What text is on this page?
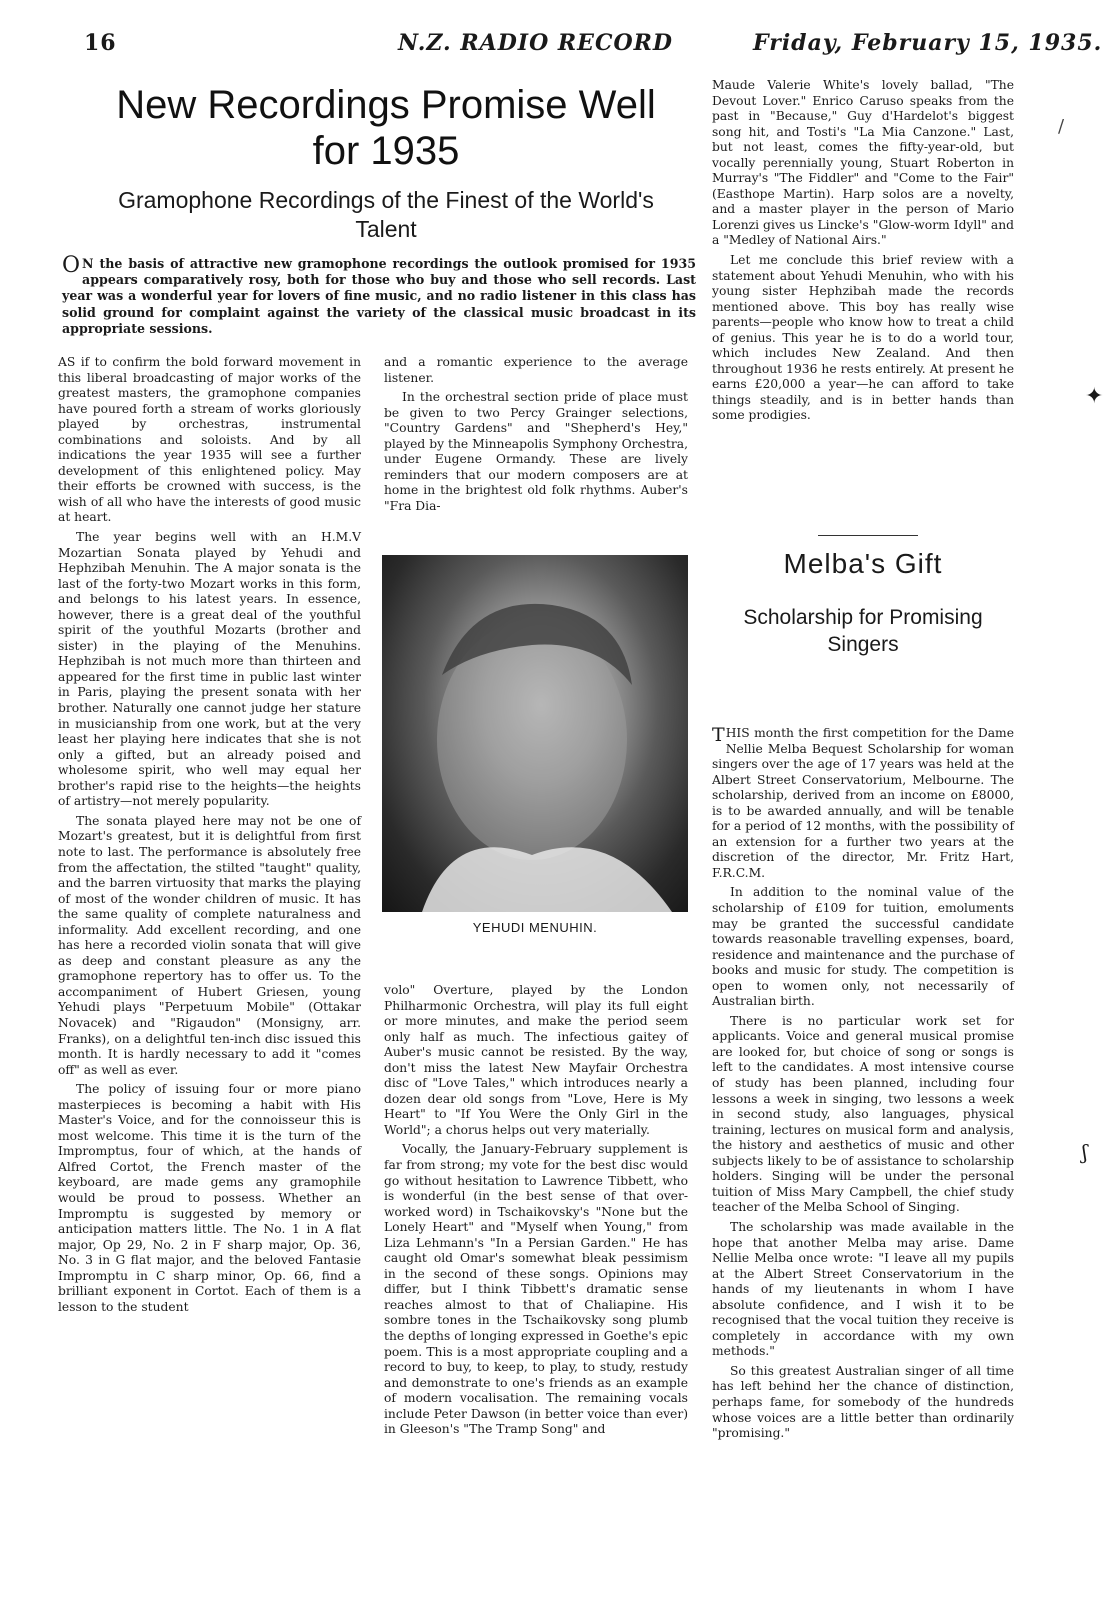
16	N.Z. RADIO RECORD	Friday, February 15, 1935.
New Recordings Promise Well for 1935
Gramophone Recordings of the Finest of the World's Talent

O N the basis of attractive new gramophone recordings the outlook promised for 1935 appears comparatively rosy, both for those who buy and those who sell records. Last year was a wonderful year for lovers of fine music, and no radio listener in this class has solid ground for complaint against the variety of the classical music broadcast in its appropriate sessions.

AS if to confirm the bold forward movement in this liberal broadcasting of major works of the greatest masters, the gramophone companies have poured forth a stream of works gloriously played by orchestras, instrumental combinations and soloists. And by all indications the year 1935 will see a further development of this enlightened policy. May their efforts be crowned with success, is the wish of all who have the interests of good music at heart.

The year begins well with an H.M.V Mozartian Sonata played by Yehudi and Hephzibah Menuhin. The A major sonata is the last of the forty-two Mozart works in this form, and belongs to his latest years. In essence, however, there is a great deal of the youthful spirit of the youthful Mozarts (brother and sister) in the playing of the Menuhins. Hephzibah is not much more than thirteen and appeared for the first time in public last winter in Paris, playing the present sonata with her brother. Naturally one cannot judge her stature in musicianship from one work, but at the very least her playing here indicates that she is not only a gifted, but an already poised and wholesome spirit, who well may equal her brother's rapid rise to the heights—the heights of artistry—not merely popularity.

The sonata played here may not be one of Mozart's greatest, but it is delightful from first note to last. The performance is absolutely free from the affectation, the stilted "taught" quality, and the barren virtuosity that marks the playing of most of the wonder children of music. It has the same quality of complete naturalness and informality. Add excellent recording, and one has here a recorded violin sonata that will give as deep and constant pleasure as any the gramophone repertory has to offer us. To the accompaniment of Hubert Griesen, young Yehudi plays "Perpetuum Mobile" (Ottakar Novacek) and "Rigaudon" (Monsigny, arr. Franks), on a delightful ten-inch disc issued this month. It is hardly necessary to add it "comes off" as well as ever.

The policy of issuing four or more piano masterpieces is becoming a habit with His Master's Voice, and for the connoisseur this is most welcome. This time it is the turn of the Impromptus, four of which, at the hands of Alfred Cortot, the French master of the keyboard, are made gems any gramophile would be proud to possess. Whether an Impromptu is suggested by memory or anticipation matters little. The No. 1 in A flat major, Op 29, No. 2 in F sharp major, Op. 36, No. 3 in G flat major, and the beloved Fantasie Impromptu in C sharp minor, Op. 66, find a brilliant exponent in Cortot. Each of them is a lesson to the student

and a romantic experience to the average listener.

In the orchestral section pride of place must be given to two Percy Grainger selections, "Country Gardens" and "Shepherd's Hey," played by the Minneapolis Symphony Orchestra, under Eugene Ormandy. These are lively reminders that our modern composers are at home in the brightest old folk rhythms. Auber's "Fra Dia-

YEHUDI MENUHIN.

volo" Overture, played by the London Philharmonic Orchestra, will play its full eight or more minutes, and make the period seem only half as much. The infectious gaitey of Auber's music cannot be resisted. By the way, don't miss the latest New Mayfair Orchestra disc of "Love Tales," which introduces nearly a dozen dear old songs from "Love, Here is My Heart" to "If You Were the Only Girl in the World"; a chorus helps out very materially.

Vocally, the January-February supplement is far from strong; my vote for the best disc would go without hesitation to Lawrence Tibbett, who is wonderful (in the best sense of that over-worked word) in Tschaikovsky's "None but the Lonely Heart" and "Myself when Young," from Liza Lehmann's "In a Persian Garden." He has caught old Omar's somewhat bleak pessimism in the second of these songs. Opinions may differ, but I think Tibbett's dramatic sense reaches almost to that of Chaliapine. His sombre tones in the Tschaikovsky song plumb the depths of longing expressed in Goethe's epic poem. This is a most appropriate coupling and a record to buy, to keep, to play, to study, restudy and demonstrate to one's friends as an example of modern vocalisation. The remaining vocals include Peter Dawson (in better voice than ever) in Gleeson's "The Tramp Song" and

Maude Valerie White's lovely ballad, "The Devout Lover." Enrico Caruso speaks from the past in "Because," Guy d'Hardelot's biggest song hit, and Tosti's "La Mia Canzone." Last, but not least, comes the fifty-year-old, but vocally perennially young, Stuart Roberton in Murray's "The Fiddler" and "Come to the Fair" (Easthope Martin). Harp solos are a novelty, and a master player in the person of Mario Lorenzi gives us Lincke's "Glow-worm Idyll" and a "Medley of National Airs."

Let me conclude this brief review with a statement about Yehudi Menuhin, who with his young sister Hephzibah made the records mentioned above. This boy has really wise parents—people who know how to treat a child of genius. This year he is to do a world tour, which includes New Zealand. And then throughout 1936 he rests entirely. At present he earns £20,000 a year—he can afford to take things steadily, and is in better hands than some prodigies.

Melba's Gift
Scholarship for Promising Singers

THIS month the first competition for the Dame Nellie Melba Bequest Scholarship for woman singers over the age of 17 years was held at the Albert Street Conservatorium, Melbourne. The scholarship, derived from an income on £8000, is to be awarded annually, and will be tenable for a period of 12 months, with the possibility of an extension for a further two years at the discretion of the director, Mr. Fritz Hart, F.R.C.M.

In addition to the nominal value of the scholarship of £109 for tuition, emoluments may be granted the successful candidate towards reasonable travelling expenses, board, residence and maintenance and the purchase of books and music for study. The competition is open to women only, not necessarily of Australian birth.

There is no particular work set for applicants. Voice and general musical promise are looked for, but choice of song or songs is left to the candidates. A most intensive course of study has been planned, including four lessons a week in singing, two lessons a week in second study, also languages, physical training, lectures on musical form and analysis, the history and aesthetics of music and other subjects likely to be of assistance to scholarship holders. Singing will be under the personal tuition of Miss Mary Campbell, the chief study teacher of the Melba School of Singing.

The scholarship was made available in the hope that another Melba may arise. Dame Nellie Melba once wrote: "I leave all my pupils at the Albert Street Conservatorium in the hands of my lieutenants in whom I have absolute confidence, and I wish it to be recognised that the vocal tuition they receive is completely in accordance with my own methods."

So this greatest Australian singer of all time has left behind her the chance of distinction, perhaps fame, for somebody of the hundreds whose voices are a little better than ordinarily "promising."

✦
ʃ
/
